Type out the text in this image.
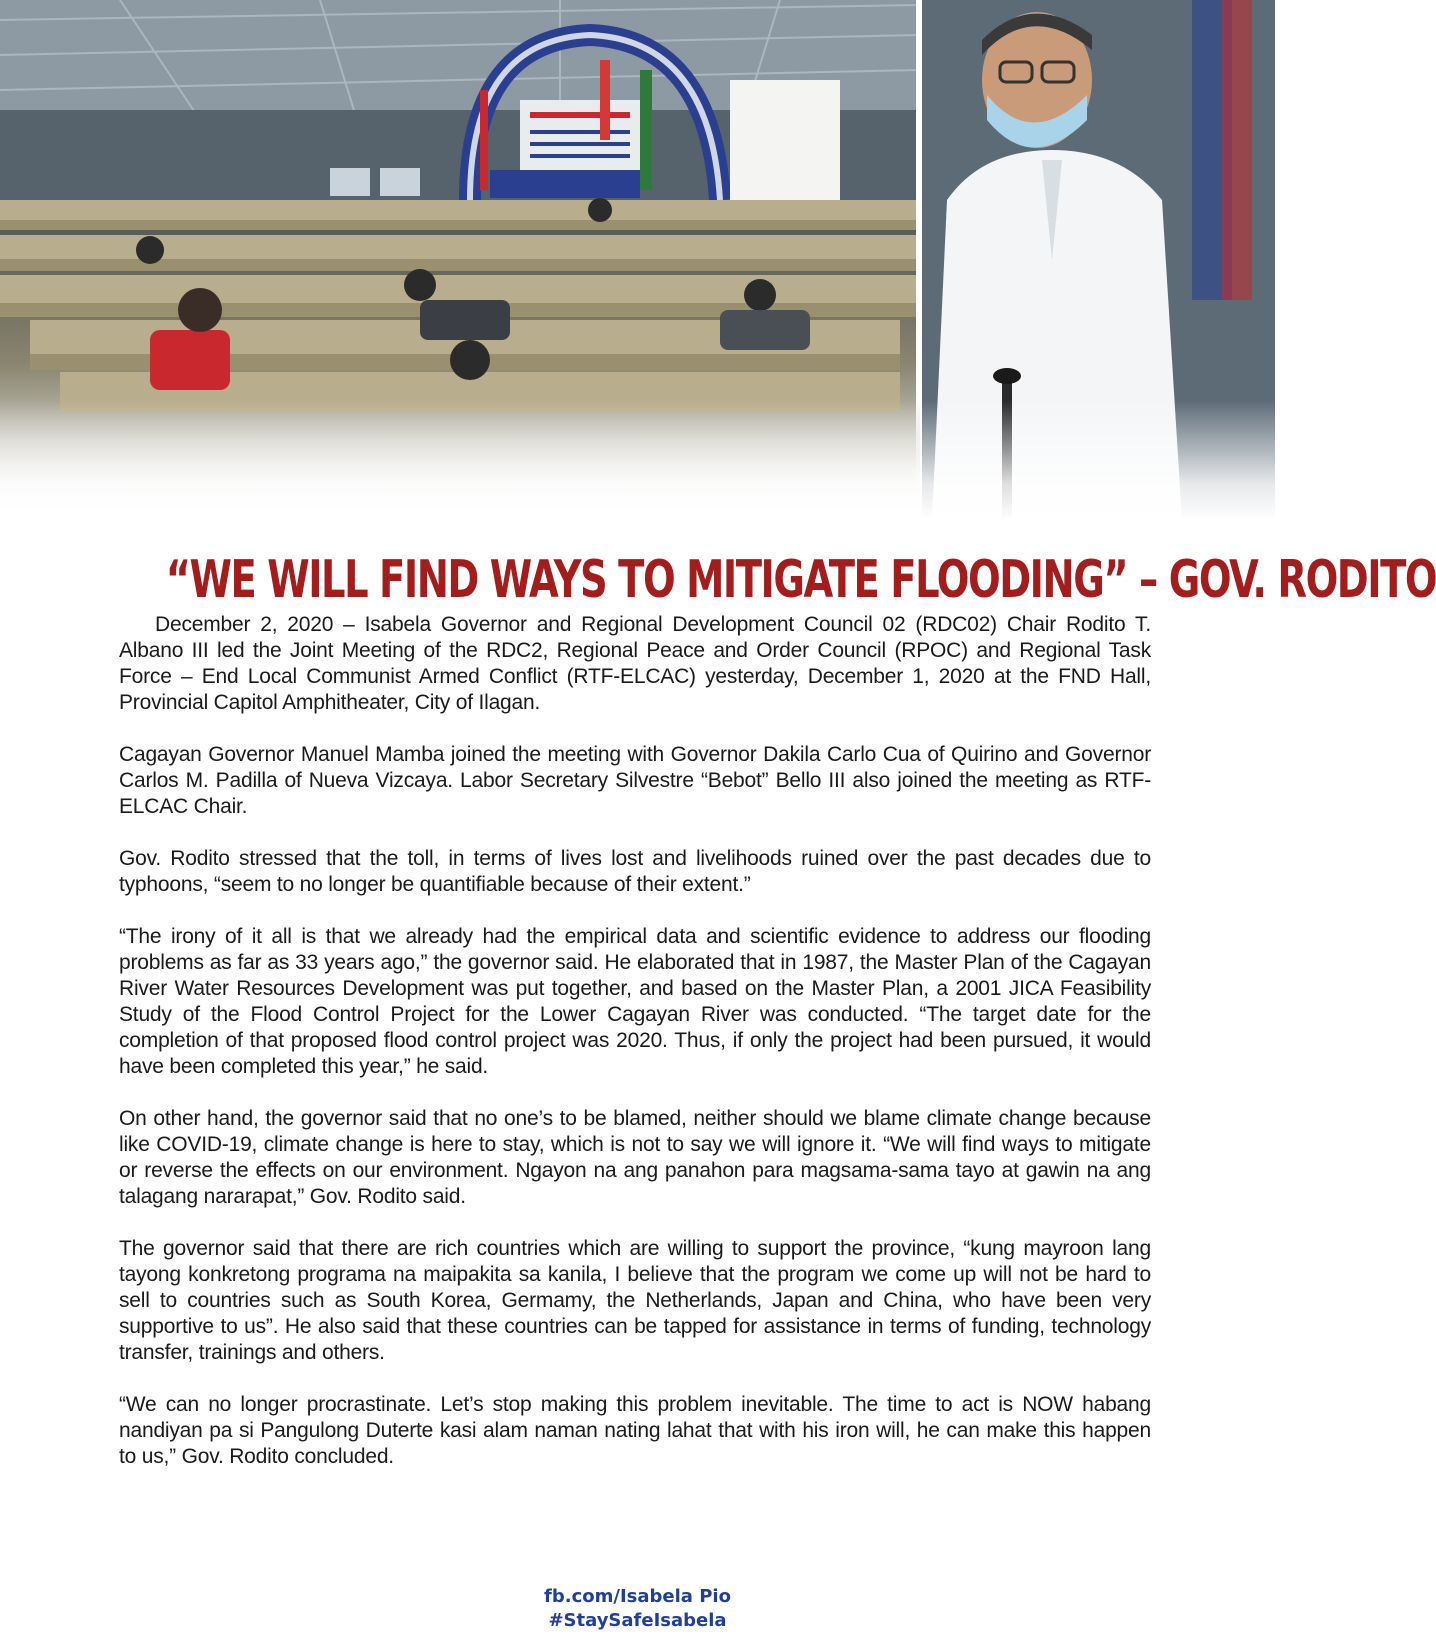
“WE WILL FIND WAYS TO MITIGATE FLOODING” – GOV. RODITO

December 2, 2020 – Isabela Governor and Regional Development Council 02 (RDC02) Chair Rodito T. Albano III led the Joint Meeting of the RDC2, Regional Peace and Order Council (RPOC) and Regional Task Force – End Local Communist Armed Conflict (RTF-ELCAC) yesterday, December 1, 2020 at the FND Hall, Provincial Capitol Amphitheater, City of Ilagan.

Cagayan Governor Manuel Mamba joined the meeting with Governor Dakila Carlo Cua of Quirino and Governor Carlos M. Padilla of Nueva Vizcaya. Labor Secretary Silvestre “Bebot” Bello III also joined the meeting as RTF-ELCAC Chair.

Gov. Rodito stressed that the toll, in terms of lives lost and livelihoods ruined over the past decades due to typhoons, “seem to no longer be quantifiable because of their extent.”

“The irony of it all is that we already had the empirical data and scientific evidence to address our flooding problems as far as 33 years ago,” the governor said. He elaborated that in 1987, the Master Plan of the Cagayan River Water Resources Development was put together, and based on the Master Plan, a 2001 JICA Feasibility Study of the Flood Control Project for the Lower Cagayan River was conducted. “The target date for the completion of that proposed flood control project was 2020. Thus, if only the project had been pursued, it would have been completed this year,” he said.

On other hand, the governor said that no one’s to be blamed, neither should we blame climate change because like COVID-19, climate change is here to stay, which is not to say we will ignore it. “We will find ways to mitigate or reverse the effects on our environment. Ngayon na ang panahon para magsama-sama tayo at gawin na ang talagang nararapat,” Gov. Rodito said.

The governor said that there are rich countries which are willing to support the province, “kung mayroon lang tayong konkretong programa na maipakita sa kanila, I believe that the program we come up will not be hard to sell to countries such as South Korea, Germamy, the Netherlands, Japan and China, who have been very supportive to us”. He also said that these countries can be tapped for assistance in terms of funding, technology transfer, trainings and others.

“We can no longer procrastinate. Let’s stop making this problem inevitable. The time to act is NOW habang nandiyan pa si Pangulong Duterte kasi alam naman nating lahat that with his iron will, he can make this happen to us,” Gov. Rodito concluded.

fb.com/Isabela Pio
#StaySafeIsabela
